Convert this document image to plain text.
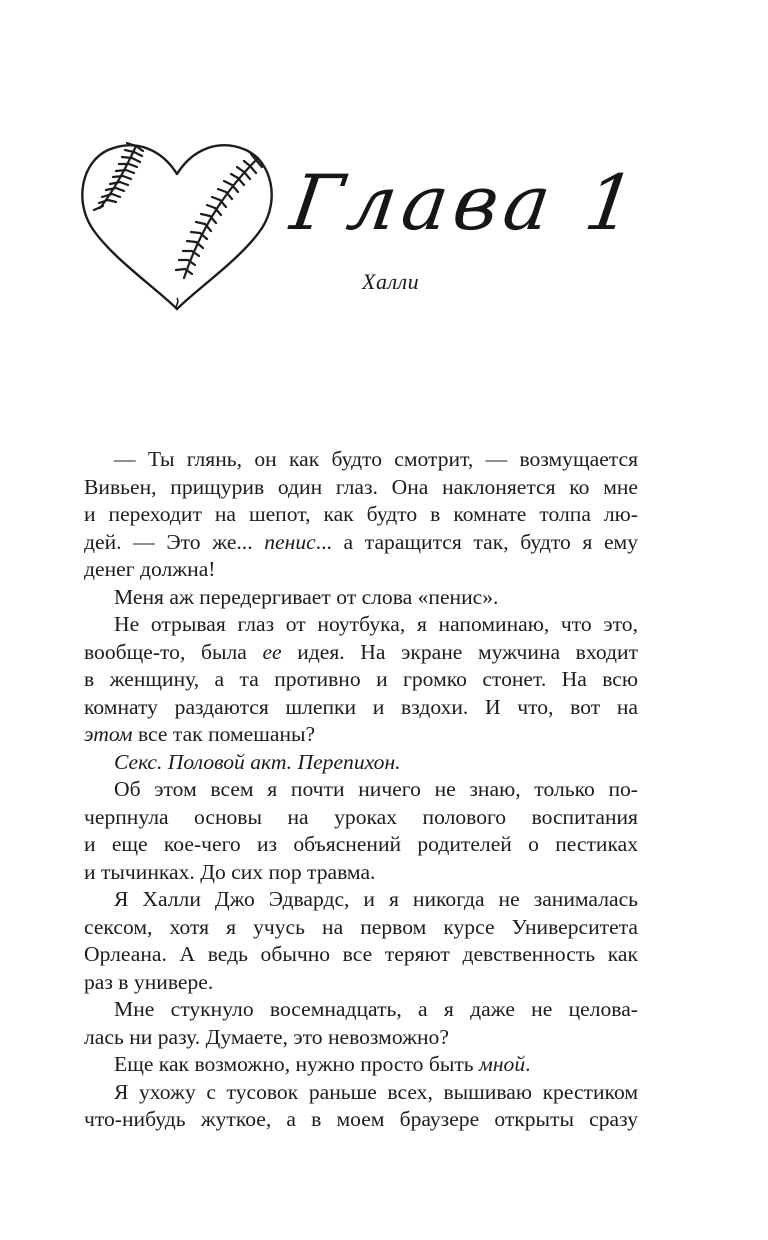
Глава 1
Халли
— Ты глянь, он как будто смотрит, — возмущается
Вивьен, прищурив один глаз. Она наклоняется ко мне
и переходит на шепот, как будто в комнате толпа лю-
дей. — Это же... пенис... а таращится так, будто я ему
денег должна!
Меня аж передергивает от слова «пенис».
Не отрывая глаз от ноутбука, я напоминаю, что это,
вообще-то, была ее идея. На экране мужчина входит
в женщину, а та противно и громко стонет. На всю
комнату раздаются шлепки и вздохи. И что, вот на
этом все так помешаны?
Секс. Половой акт. Перепихон.
Об этом всем я почти ничего не знаю, только по-
черпнула основы на уроках полового воспитания
и еще кое-чего из объяснений родителей о пестиках
и тычинках. До сих пор травма.
Я Халли Джо Эдвардс, и я никогда не занималась
сексом, хотя я учусь на первом курсе Университета
Орлеана. А ведь обычно все теряют девственность как
раз в универе.
Мне стукнуло восемнадцать, а я даже не целова-
лась ни разу. Думаете, это невозможно?
Еще как возможно, нужно просто быть мной.
Я ухожу с тусовок раньше всех, вышиваю крестиком
что-нибудь жуткое, а в моем браузере открыты сразу
